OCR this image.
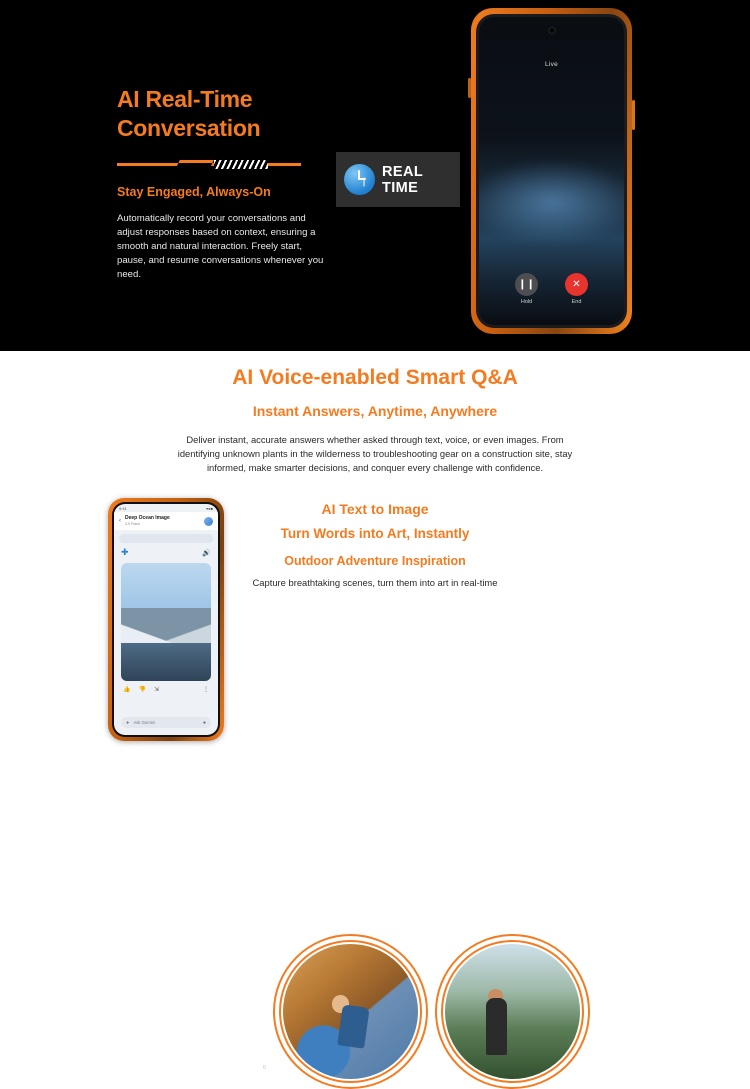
AI Real-Time
Conversation
Stay Engaged, Always-On
Automatically record your conversations and adjust responses based on context, ensuring a smooth and natural interaction. Freely start, pause, and resume conversations whenever you need.
REAL TIME
Live
❙❙
Hold
✕
End
AI Voice-enabled Smart Q&A
Instant Answers, Anytime, Anywhere
Deliver instant, accurate answers whether asked through text, voice, or even images. From identifying unknown plants in the wilderness to troubleshooting gear on a construction site, stay informed, make smarter decisions, and conquer every challenge with confidence.
AI Text to Image
Turn Words into Art, Instantly
Outdoor Adventure Inspiration
Capture breathtaking scenes, turn them into art in real-time
9:41	▾●■
‹ Deep Ocean Image
3.0 Flash
✚	🔊
👍 👎 ⇲	⋮
✚ Ask Gemini	●
0
